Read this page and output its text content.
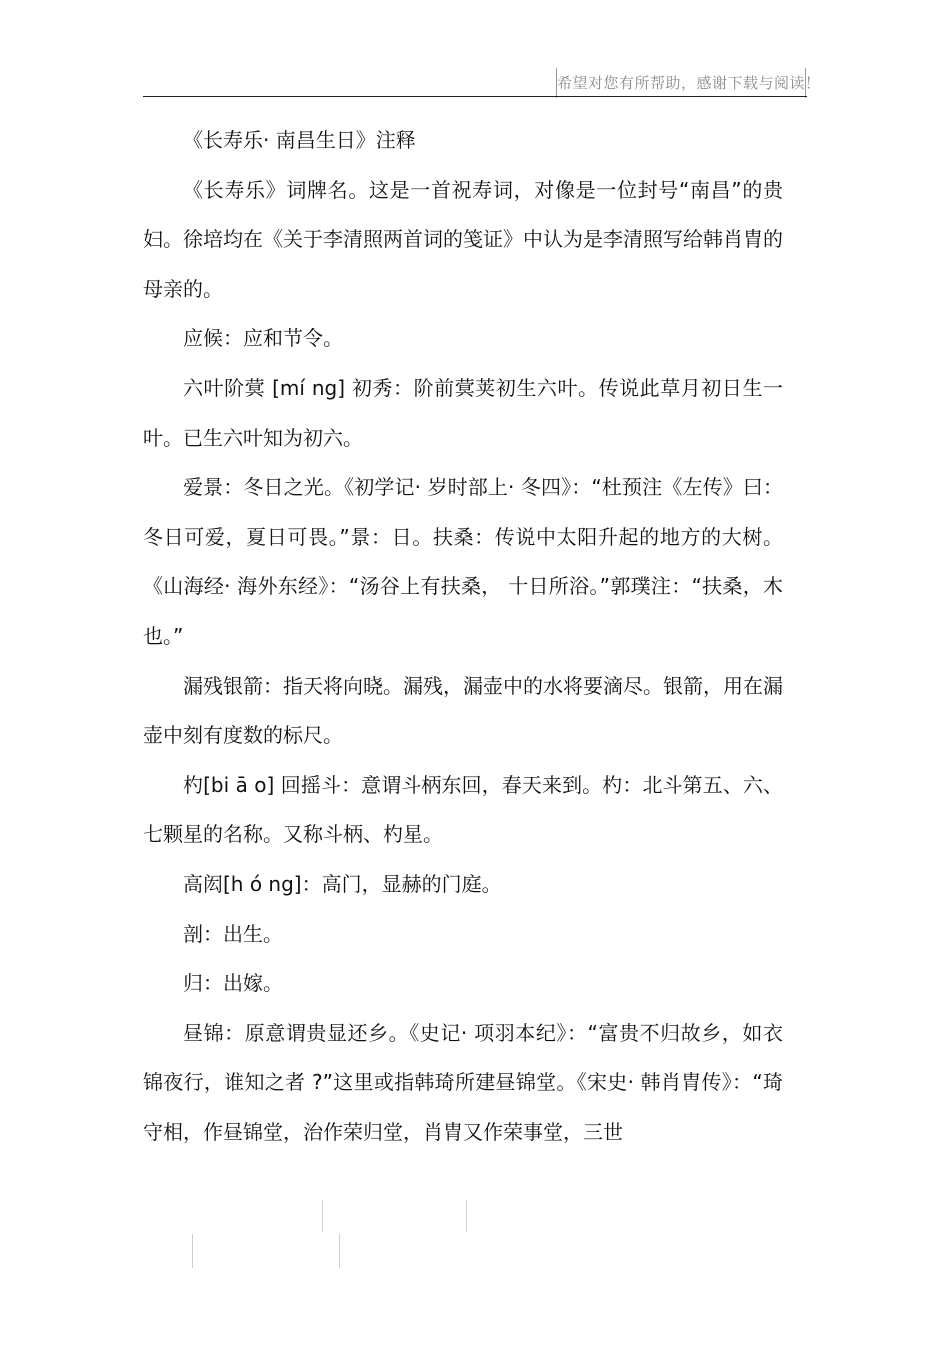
希望对您有所帮助，感谢下载与阅读！

《长寿乐· 南昌生日》注释

《长寿乐》词牌名。这是一首祝寿词，对像是一位封号“南昌”的贵妇。徐培均在《关于李清照两首词的笺证》中认为是李清照写给韩肖胄的母亲的。

应候：应和节令。

六叶阶蓂 [mí ng] 初秀：阶前蓂荚初生六叶。传说此草月初日生一叶。已生六叶知为初六。

爱景：冬日之光。《初学记· 岁时部上· 冬四》：“杜预注《左传》曰：冬日可爱，夏日可畏。”景：日。扶桑：传说中太阳升起的地方的大树。《山海经· 海外东经》：“汤谷上有扶桑， 十日所浴。”郭璞注：“扶桑，木也。”

漏残银箭：指天将向晓。漏残，漏壶中的水将要滴尽。银箭，用在漏壶中刻有度数的标尺。

杓[bi ā o] 回摇斗：意谓斗柄东回，春天来到。杓：北斗第五、六、七颗星的名称。又称斗柄、杓星。

高闳[h ó ng]：高门，显赫的门庭。

剖：出生。

归：出嫁。

昼锦：原意谓贵显还乡。《史记· 项羽本纪》：“富贵不归故乡，如衣锦夜行，谁知之者 ?”这里或指韩琦所建昼锦堂。《宋史· 韩肖胄传》：“琦守相，作昼锦堂，治作荣归堂，肖胄又作荣事堂，三世
